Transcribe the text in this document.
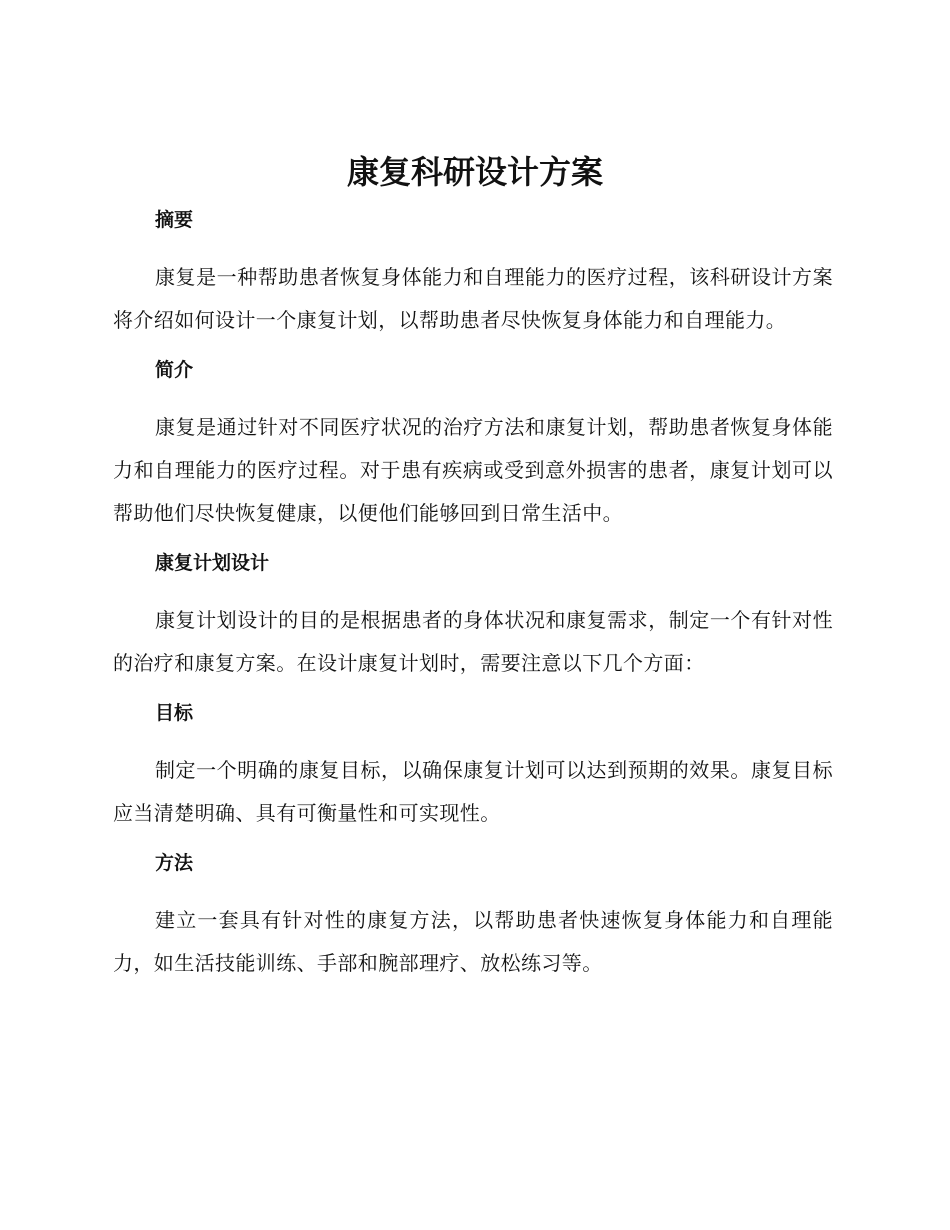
康复科研设计方案
摘要

康复是一种帮助患者恢复身体能力和自理能力的医疗过程，该科研设计方案将介绍如何设计一个康复计划，以帮助患者尽快恢复身体能力和自理能力。

简介

康复是通过针对不同医疗状况的治疗方法和康复计划，帮助患者恢复身体能力和自理能力的医疗过程。对于患有疾病或受到意外损害的患者，康复计划可以帮助他们尽快恢复健康，以便他们能够回到日常生活中。

康复计划设计

康复计划设计的目的是根据患者的身体状况和康复需求，制定一个有针对性的治疗和康复方案。在设计康复计划时，需要注意以下几个方面：

目标

制定一个明确的康复目标，以确保康复计划可以达到预期的效果。康复目标应当清楚明确、具有可衡量性和可实现性。

方法

建立一套具有针对性的康复方法，以帮助患者快速恢复身体能力和自理能力，如生活技能训练、手部和腕部理疗、放松练习等。
